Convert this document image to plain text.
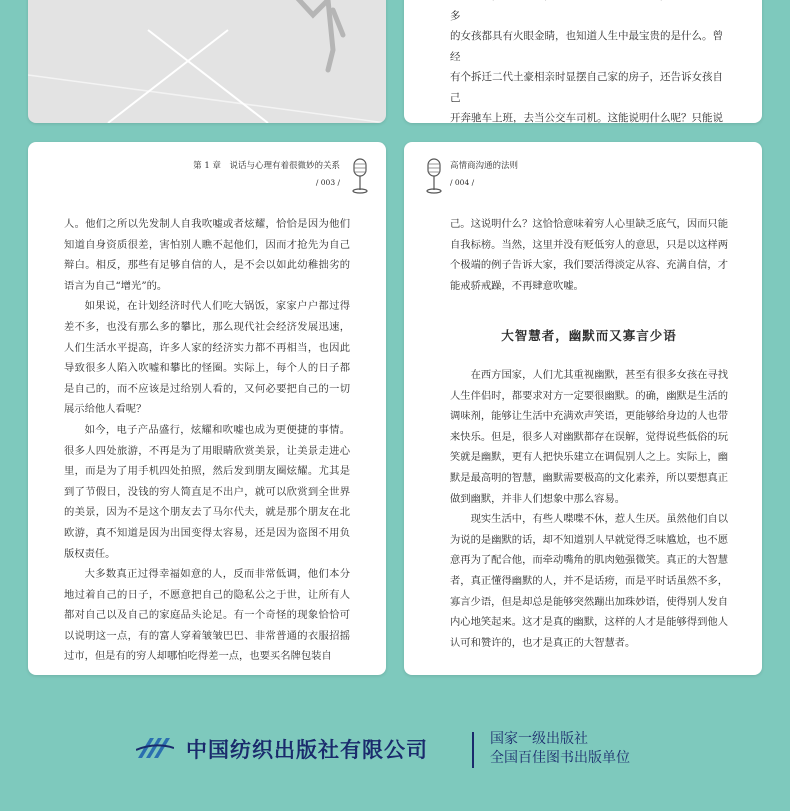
多

的女孩都具有火眼金睛，也知道人生中最宝贵的是什么。曾经

有个拆迁二代土豪相亲时显摆自己家的房子，还告诉女孩自己

开奔驰车上班，去当公交车司机。这能说明什么呢？只能说

第 1 章　说话与心理有着很微妙的关系
/ 003 /

人。他们之所以先发制人自我吹嘘或者炫耀，恰恰是因为他们知道自身资质很差，害怕别人瞧不起他们，因而才抢先为自己辩白。相反，那些有足够自信的人，是不会以如此幼稚拙劣的语言为自己“增光”的。

如果说，在计划经济时代人们吃大锅饭，家家户户都过得差不多，也没有那么多的攀比，那么现代社会经济发展迅速，人们生活水平提高，许多人家的经济实力都不再相当，也因此导致很多人陷入吹嘘和攀比的怪圈。实际上，每个人的日子都是自己的，而不应该是过给别人看的，又何必要把自己的一切展示给他人看呢？

如今，电子产品盛行，炫耀和吹嘘也成为更便捷的事情。很多人四处旅游，不再是为了用眼睛欣赏美景，让美景走进心里，而是为了用手机四处拍照，然后发到朋友圈炫耀。尤其是到了节假日，没钱的穷人简直足不出户，就可以欣赏到全世界的美景，因为不是这个朋友去了马尔代夫，就是那个朋友在北欧游，真不知道是因为出国变得太容易，还是因为盗图不用负版权责任。

大多数真正过得幸福如意的人，反而非常低调，他们本分地过着自己的日子，不愿意把自己的隐私公之于世，让所有人都对自己以及自己的家庭品头论足。有一个奇怪的现象恰恰可以说明这一点，有的富人穿着皱皱巴巴、非常普通的衣服招摇过市，但是有的穷人却哪怕吃得差一点，也要买名牌包装自

高情商沟通的法则
/ 004 /

己。这说明什么？这恰恰意味着穷人心里缺乏底气，因而只能自我标榜。当然，这里并没有贬低穷人的意思，只是以这样两个极端的例子告诉大家，我们要活得淡定从容、充满自信，才能戒骄戒躁，不再肆意吹嘘。

大智慧者，幽默而又寡言少语

在西方国家，人们尤其重视幽默，甚至有很多女孩在寻找人生伴侣时，都要求对方一定要很幽默。的确，幽默是生活的调味剂，能够让生活中充满欢声笑语，更能够给身边的人也带来快乐。但是，很多人对幽默都存在误解，觉得说些低俗的玩笑就是幽默，更有人把快乐建立在调侃别人之上。实际上，幽默是最高明的智慧，幽默需要极高的文化素养，所以要想真正做到幽默，并非人们想象中那么容易。

现实生活中，有些人喋喋不休，惹人生厌。虽然他们自以为说的是幽默的话，却不知道别人早就觉得乏味尴尬，也不愿意再为了配合他，而牵动嘴角的肌肉勉强微笑。真正的大智慧者，真正懂得幽默的人，并不是话痨，而是平时话虽然不多，寡言少语，但是却总是能够突然蹦出加珠妙语，使得别人发自内心地笑起来。这才是真的幽默，这样的人才是能够得到他人认可和赞许的，也才是真正的大智慧者。

中国纺织出版社有限公司	国家一级出版社
全国百佳图书出版单位
